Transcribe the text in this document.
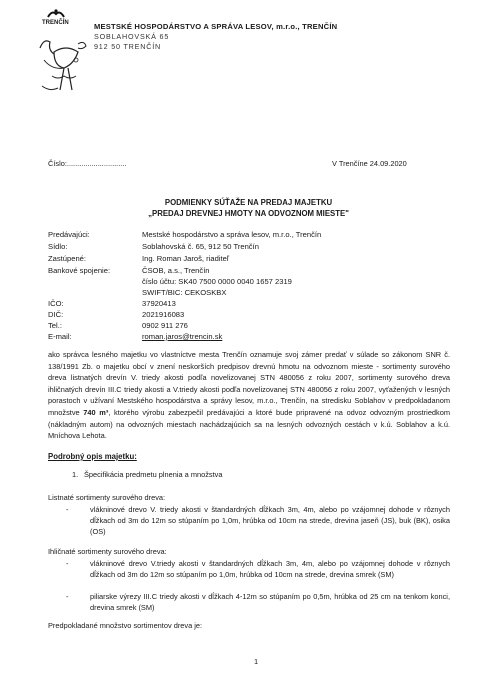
TRENČÍN	MESTSKÉ HOSPODÁRSTVO A SPRÁVA LESOV, m.r.o., TRENČÍN
SOBLAHOVSKÁ 65
912 50 TRENČÍN
Číslo:.............................	V Trenčíne 24.09.2020
PODMIENKY SÚŤAŽE NA PREDAJ MAJETKU
„PREDAJ DREVNEJ HMOTY NA ODVOZNOM MIESTE"
Predávajúci:	Mestské hospodárstvo a správa lesov, m.r.o., Trenčín
Sídlo:	Soblahovská č. 65, 912 50 Trenčín
Zastúpené:	Ing. Roman Jaroš, riaditeľ
Bankové spojenie:	ČSOB, a.s., Trenčín
číslo účtu: SK40 7500 0000 0040 1657 2319
SWIFT/BIC: CEKOSKBX
IČO:	37920413
DIČ:	2021916083
Tel.:	0902 911 276
E-mail:	roman.jaros@trencin.sk
ako správca lesného majetku vo vlastníctve mesta Trenčín oznamuje svoj zámer predať v súlade so zákonom SNR č. 138/1991 Zb. o majetku obcí v znení neskorších predpisov drevnú hmotu na odvoznom mieste - sortimenty surového dreva listnatých drevín V. triedy akosti podľa novelizovanej STN 480056 z roku 2007, sortimenty surového dreva ihličnatých drevín III.C triedy akosti a V.triedy akosti podľa novelizovanej STN 480056 z roku 2007, vyťažených v lesných porastoch v užívaní Mestského hospodárstva a správy lesov, m.r.o., Trenčín, na stredisku Soblahov v predpokladanom množstve 740 m³, ktorého výrobu zabezpečil predávajúci a ktoré bude pripravené na odvoz odvozným prostriedkom (nákladným autom) na odvozných miestach nachádzajúcich sa na lesných odvozných cestách v k.ú. Soblahov a k.ú. Mníchova Lehota.
Podrobný opis majetku:
1. Špecifikácia predmetu plnenia a množstva
Listnaté sortimenty surového dreva:
-	vlákninové drevo V. triedy akosti v štandardných dĺžkach 3m, 4m, alebo po vzájomnej dohode v rôznych dĺžkach od 3m do 12m so stúpaním po 1,0m, hrúbka od 10cm na strede, drevina jaseň (JS), buk (BK), osika (OS)
Ihličnaté sortimenty surového dreva:
-	vlákninové drevo V.triedy akosti v štandardných dĺžkach 3m, 4m, alebo po vzájomnej dohode v rôznych dĺžkach od 3m do 12m so stúpaním po 1,0m, hrúbka od 10cm na strede, drevina smrek (SM)
-	piliarske výrezy III.C triedy akosti v dĺžkach 4-12m so stúpaním po 0,5m, hrúbka od 25 cm na tenkom konci, drevina smrek (SM)
Predpokladané množstvo sortimentov dreva je:
1
